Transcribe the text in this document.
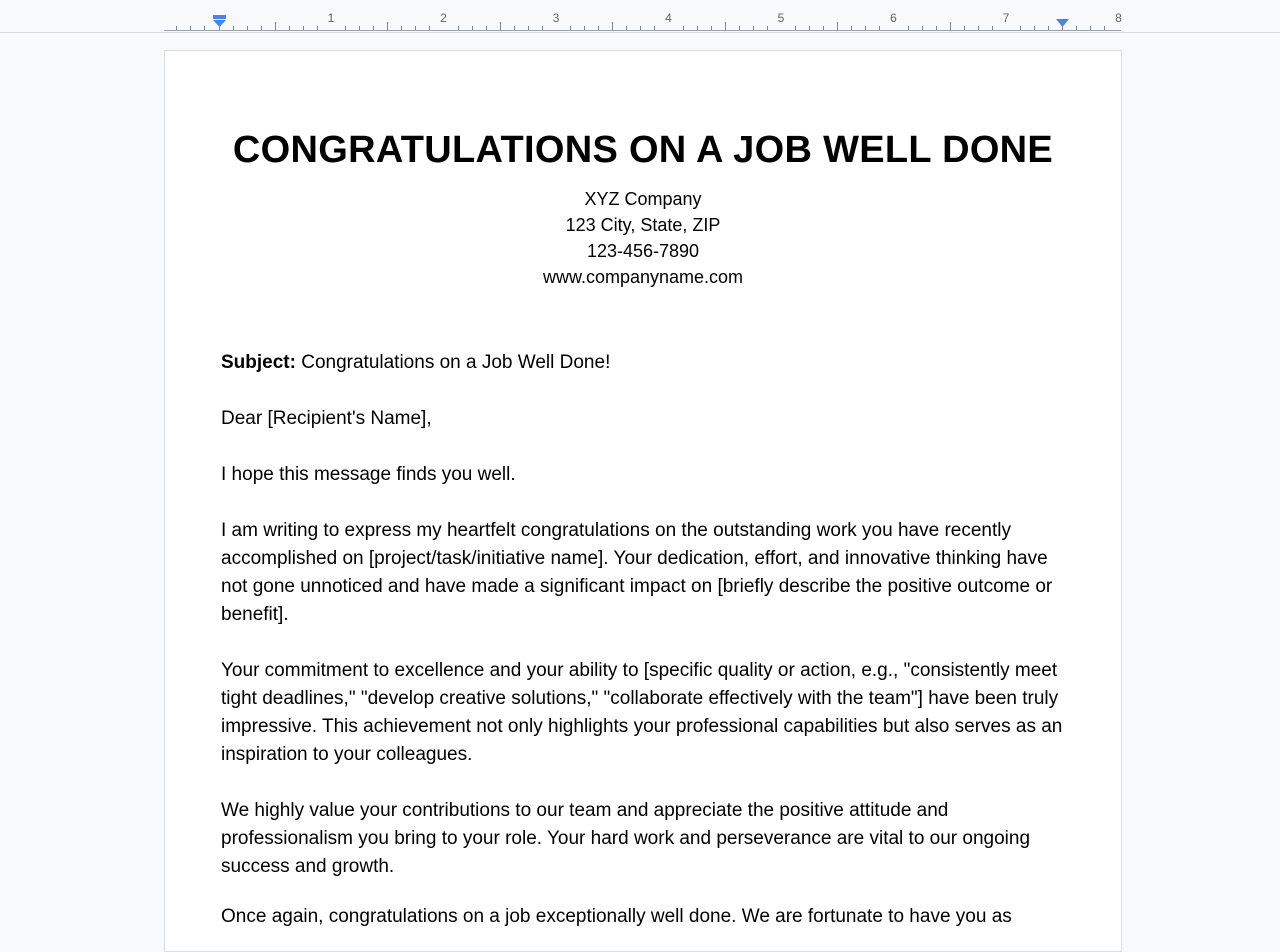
1	2	3	4	5	6	7	8
CONGRATULATIONS ON A JOB WELL DONE
XYZ Company
123 City, State, ZIP
123-456-7890
www.companyname.com
Subject: Congratulations on a Job Well Done!
Dear [Recipient's Name],
I hope this message finds you well.
I am writing to express my heartfelt congratulations on the outstanding work you have recently accomplished on [project/task/initiative name]. Your dedication, effort, and innovative thinking have not gone unnoticed and have made a significant impact on [briefly describe the positive outcome or benefit].
Your commitment to excellence and your ability to [specific quality or action, e.g., "consistently meet tight deadlines," "develop creative solutions," "collaborate effectively with the team"] have been truly impressive. This achievement not only highlights your professional capabilities but also serves as an inspiration to your colleagues.
We highly value your contributions to our team and appreciate the positive attitude and professionalism you bring to your role. Your hard work and perseverance are vital to our ongoing success and growth.
Once again, congratulations on a job exceptionally well done. We are fortunate to have you as
